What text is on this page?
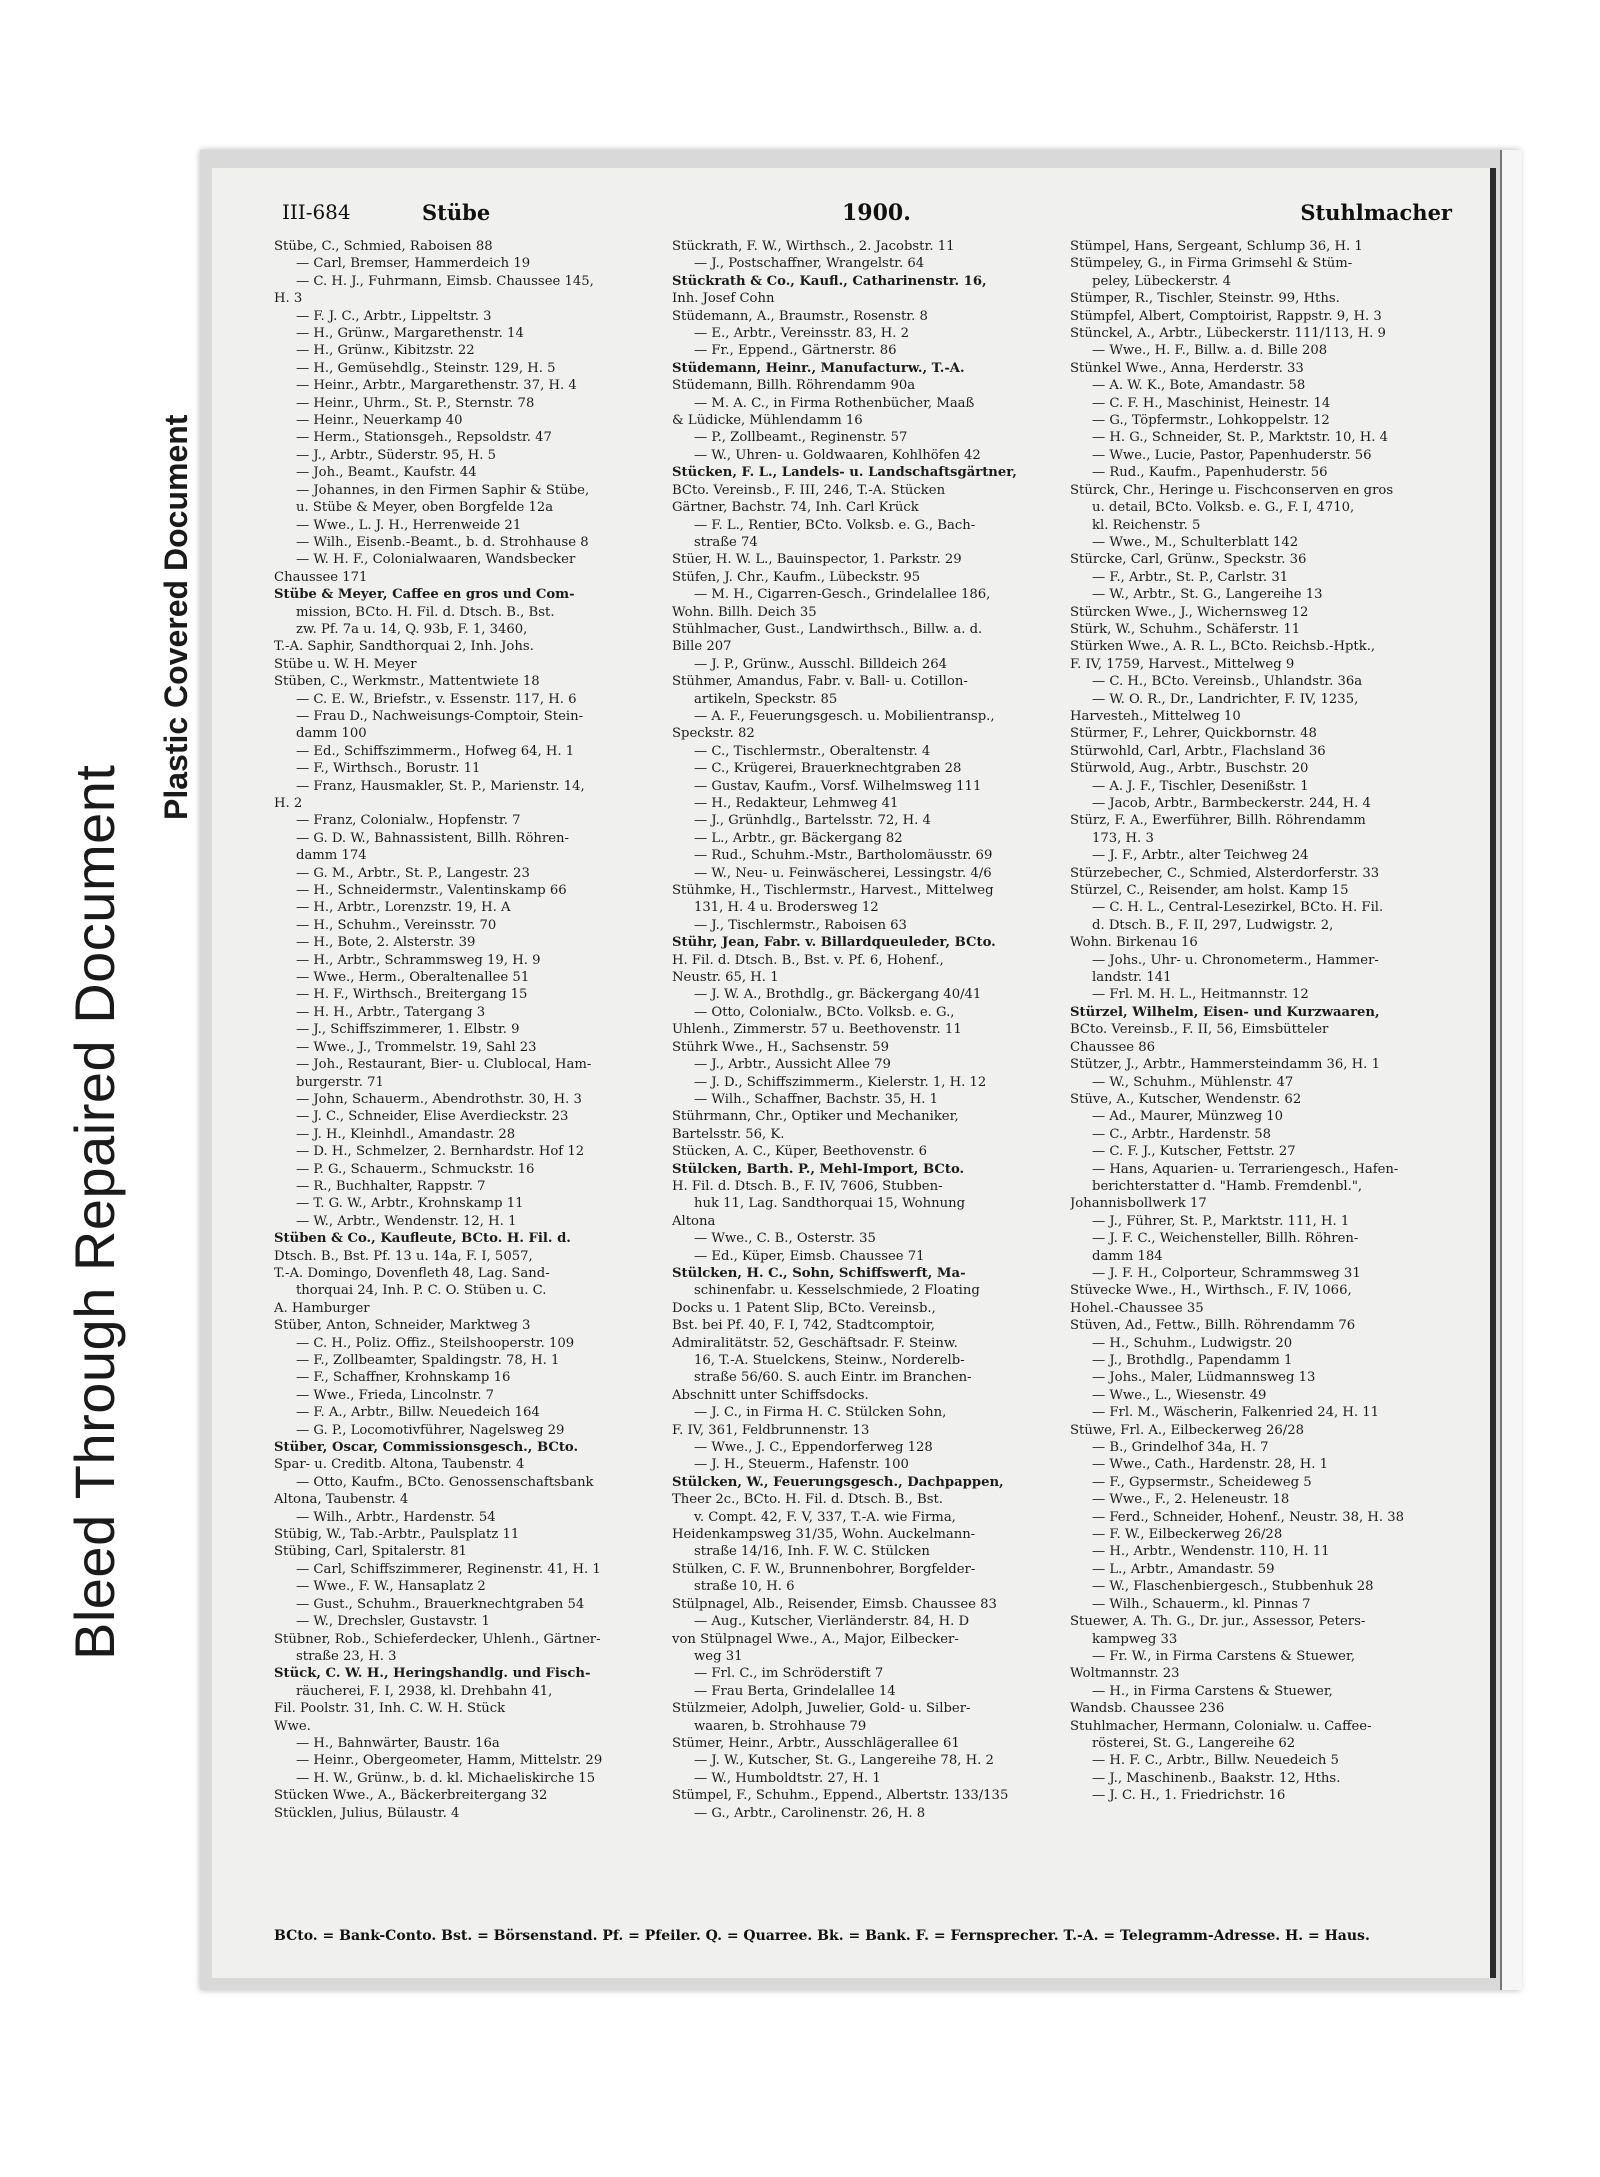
Bleed Through Repaired Document
Plastic Covered Document
III-684	Stübe	1900.	Stuhlmacher
Stübe, C., Schmied, Raboisen 88
— Carl, Bremser, Hammerdeich 19
— C. H. J., Fuhrmann, Eimsb. Chaussee 145,
H. 3
— F. J. C., Arbtr., Lippeltstr. 3
— H., Grünw., Margarethenstr. 14
— H., Grünw., Kibitzstr. 22
— H., Gemüsehdlg., Steinstr. 129, H. 5
— Heinr., Arbtr., Margarethenstr. 37, H. 4
— Heinr., Uhrm., St. P., Sternstr. 78
— Heinr., Neuerkamp 40
— Herm., Stationsgeh., Repsoldstr. 47
— J., Arbtr., Süderstr. 95, H. 5
— Joh., Beamt., Kaufstr. 44
— Johannes, in den Firmen Saphir & Stübe,
u. Stübe & Meyer, oben Borgfelde 12a
— Wwe., L. J. H., Herrenweide 21
— Wilh., Eisenb.-Beamt., b. d. Strohhause 8
— W. H. F., Colonialwaaren, Wandsbecker
Chaussee 171
Stübe & Meyer, Caffee en gros und Com-
mission, BCto. H. Fil. d. Dtsch. B., Bst.
zw. Pf. 7a u. 14, Q. 93b, F. 1, 3460,
T.-A. Saphir, Sandthorquai 2, Inh. Johs.
Stübe u. W. H. Meyer
Stüben, C., Werkmstr., Mattentwiete 18
— C. E. W., Briefstr., v. Essenstr. 117, H. 6
— Frau D., Nachweisungs-Comptoir, Stein-
damm 100
— Ed., Schiffszimmerm., Hofweg 64, H. 1
— F., Wirthsch., Borustr. 11
— Franz, Hausmakler, St. P., Marienstr. 14,
H. 2
— Franz, Colonialw., Hopfenstr. 7
— G. D. W., Bahnassistent, Billh. Röhren-
damm 174
— G. M., Arbtr., St. P., Langestr. 23
— H., Schneidermstr., Valentinskamp 66
— H., Arbtr., Lorenzstr. 19, H. A
— H., Schuhm., Vereinsstr. 70
— H., Bote, 2. Alsterstr. 39
— H., Arbtr., Schrammsweg 19, H. 9
— Wwe., Herm., Oberaltenallee 51
— H. F., Wirthsch., Breitergang 15
— H. H., Arbtr., Tatergang 3
— J., Schiffszimmerer, 1. Elbstr. 9
— Wwe., J., Trommelstr. 19, Sahl 23
— Joh., Restaurant, Bier- u. Clublocal, Ham-
burgerstr. 71
— John, Schauerm., Abendrothstr. 30, H. 3
— J. C., Schneider, Elise Averdieckstr. 23
— J. H., Kleinhdl., Amandastr. 28
— D. H., Schmelzer, 2. Bernhardstr. Hof 12
— P. G., Schauerm., Schmuckstr. 16
— R., Buchhalter, Rappstr. 7
— T. G. W., Arbtr., Krohnskamp 11
— W., Arbtr., Wendenstr. 12, H. 1
Stüben & Co., Kaufleute, BCto. H. Fil. d.
Dtsch. B., Bst. Pf. 13 u. 14a, F. I, 5057,
T.-A. Domingo, Dovenfleth 48, Lag. Sand-
thorquai 24, Inh. P. C. O. Stüben u. C.
A. Hamburger
Stüber, Anton, Schneider, Marktweg 3
— C. H., Poliz. Offiz., Steilshooperstr. 109
— F., Zollbeamter, Spaldingstr. 78, H. 1
— F., Schaffner, Krohnskamp 16
— Wwe., Frieda, Lincolnstr. 7
— F. A., Arbtr., Billw. Neuedeich 164
— G. P., Locomotivführer, Nagelsweg 29
Stüber, Oscar, Commissionsgesch., BCto.
Spar- u. Creditb. Altona, Taubenstr. 4
— Otto, Kaufm., BCto. Genossenschaftsbank
Altona, Taubenstr. 4
— Wilh., Arbtr., Hardenstr. 54
Stübig, W., Tab.-Arbtr., Paulsplatz 11
Stübing, Carl, Spitalerstr. 81
— Carl, Schiffszimmerer, Reginenstr. 41, H. 1
— Wwe., F. W., Hansaplatz 2
— Gust., Schuhm., Brauerknechtgraben 54
— W., Drechsler, Gustavstr. 1
Stübner, Rob., Schieferdecker, Uhlenh., Gärtner-
straße 23, H. 3
Stück, C. W. H., Heringshandlg. und Fisch-
räucherei, F. I, 2938, kl. Drehbahn 41,
Fil. Poolstr. 31, Inh. C. W. H. Stück
Wwe.
— H., Bahnwärter, Baustr. 16a
— Heinr., Obergeometer, Hamm, Mittelstr. 29
— H. W., Grünw., b. d. kl. Michaeliskirche 15
Stücken Wwe., A., Bäckerbreitergang 32
Stücklen, Julius, Bülaustr. 4
Stückrath, F. W., Wirthsch., 2. Jacobstr. 11
— J., Postschaffner, Wrangelstr. 64
Stückrath & Co., Kaufl., Catharinenstr. 16,
Inh. Josef Cohn
Stüdemann, A., Braumstr., Rosenstr. 8
— E., Arbtr., Vereinsstr. 83, H. 2
— Fr., Eppend., Gärtnerstr. 86
Stüdemann, Heinr., Manufacturw., T.-A.
Stüdemann, Billh. Röhrendamm 90a
— M. A. C., in Firma Rothenbücher, Maaß
& Lüdicke, Mühlendamm 16
— P., Zollbeamt., Reginenstr. 57
— W., Uhren- u. Goldwaaren, Kohlhöfen 42
Stücken, F. L., Landels- u. Landschaftsgärtner,
BCto. Vereinsb., F. III, 246, T.-A. Stücken
Gärtner, Bachstr. 74, Inh. Carl Krück
— F. L., Rentier, BCto. Volksb. e. G., Bach-
straße 74
Stüer, H. W. L., Bauinspector, 1. Parkstr. 29
Stüfen, J. Chr., Kaufm., Lübeckstr. 95
— M. H., Cigarren-Gesch., Grindelallee 186,
Wohn. Billh. Deich 35
Stühlmacher, Gust., Landwirthsch., Billw. a. d.
Bille 207
— J. P., Grünw., Ausschl. Billdeich 264
Stühmer, Amandus, Fabr. v. Ball- u. Cotillon-
artikeln, Speckstr. 85
— A. F., Feuerungsgesch. u. Mobilientransp.,
Speckstr. 82
— C., Tischlermstr., Oberaltenstr. 4
— C., Krügerei, Brauerknechtgraben 28
— Gustav, Kaufm., Vorsf. Wilhelmsweg 111
— H., Redakteur, Lehmweg 41
— J., Grünhdlg., Bartelsstr. 72, H. 4
— L., Arbtr., gr. Bäckergang 82
— Rud., Schuhm.-Mstr., Bartholomäusstr. 69
— W., Neu- u. Feinwäscherei, Lessingstr. 4/6
Stühmke, H., Tischlermstr., Harvest., Mittelweg
131, H. 4 u. Brodersweg 12
— J., Tischlermstr., Raboisen 63
Stühr, Jean, Fabr. v. Billardqueuleder, BCto.
H. Fil. d. Dtsch. B., Bst. v. Pf. 6, Hohenf.,
Neustr. 65, H. 1
— J. W. A., Brothdlg., gr. Bäckergang 40/41
— Otto, Colonialw., BCto. Volksb. e. G.,
Uhlenh., Zimmerstr. 57 u. Beethovenstr. 11
Stührk Wwe., H., Sachsenstr. 59
— J., Arbtr., Aussicht Allee 79
— J. D., Schiffszimmerm., Kielerstr. 1, H. 12
— Wilh., Schaffner, Bachstr. 35, H. 1
Stührmann, Chr., Optiker und Mechaniker,
Bartelsstr. 56, K.
Stücken, A. C., Küper, Beethovenstr. 6
Stülcken, Barth. P., Mehl-Import, BCto.
H. Fil. d. Dtsch. B., F. IV, 7606, Stubben-
huk 11, Lag. Sandthorquai 15, Wohnung
Altona
— Wwe., C. B., Osterstr. 35
— Ed., Küper, Eimsb. Chaussee 71
Stülcken, H. C., Sohn, Schiffswerft, Ma-
schinenfabr. u. Kesselschmiede, 2 Floating
Docks u. 1 Patent Slip, BCto. Vereinsb.,
Bst. bei Pf. 40, F. I, 742, Stadtcomptoir,
Admiralitätstr. 52, Geschäftsadr. F. Steinw.
16, T.-A. Stuelckens, Steinw., Norderelb-
straße 56/60. S. auch Eintr. im Branchen-
Abschnitt unter Schiffsdocks.
— J. C., in Firma H. C. Stülcken Sohn,
F. IV, 361, Feldbrunnenstr. 13
— Wwe., J. C., Eppendorferweg 128
— J. H., Steuerm., Hafenstr. 100
Stülcken, W., Feuerungsgesch., Dachpappen,
Theer 2c., BCto. H. Fil. d. Dtsch. B., Bst.
v. Compt. 42, F. V, 337, T.-A. wie Firma,
Heidenkampsweg 31/35, Wohn. Auckelmann-
straße 14/16, Inh. F. W. C. Stülcken
Stülken, C. F. W., Brunnenbohrer, Borgfelder-
straße 10, H. 6
Stülpnagel, Alb., Reisender, Eimsb. Chaussee 83
— Aug., Kutscher, Vierländerstr. 84, H. D
von Stülpnagel Wwe., A., Major, Eilbecker-
weg 31
— Frl. C., im Schröderstift 7
— Frau Berta, Grindelallee 14
Stülzmeier, Adolph, Juwelier, Gold- u. Silber-
waaren, b. Strohhause 79
Stümer, Heinr., Arbtr., Ausschlägerallee 61
— J. W., Kutscher, St. G., Langereihe 78, H. 2
— W., Humboldtstr. 27, H. 1
Stümpel, F., Schuhm., Eppend., Albertstr. 133/135
— G., Arbtr., Carolinenstr. 26, H. 8
Stümpel, Hans, Sergeant, Schlump 36, H. 1
Stümpeley, G., in Firma Grimsehl & Stüm-
peley, Lübeckerstr. 4
Stümper, R., Tischler, Steinstr. 99, Hths.
Stümpfel, Albert, Comptoirist, Rappstr. 9, H. 3
Stünckel, A., Arbtr., Lübeckerstr. 111/113, H. 9
— Wwe., H. F., Billw. a. d. Bille 208
Stünkel Wwe., Anna, Herderstr. 33
— A. W. K., Bote, Amandastr. 58
— C. F. H., Maschinist, Heinestr. 14
— G., Töpfermstr., Lohkoppelstr. 12
— H. G., Schneider, St. P., Marktstr. 10, H. 4
— Wwe., Lucie, Pastor, Papenhuderstr. 56
— Rud., Kaufm., Papenhuderstr. 56
Stürck, Chr., Heringe u. Fischconserven en gros
u. detail, BCto. Volksb. e. G., F. I, 4710,
kl. Reichenstr. 5
— Wwe., M., Schulterblatt 142
Stürcke, Carl, Grünw., Speckstr. 36
— F., Arbtr., St. P., Carlstr. 31
— W., Arbtr., St. G., Langereihe 13
Stürcken Wwe., J., Wichernsweg 12
Stürk, W., Schuhm., Schäferstr. 11
Stürken Wwe., A. R. L., BCto. Reichsb.-Hptk.,
F. IV, 1759, Harvest., Mittelweg 9
— C. H., BCto. Vereinsb., Uhlandstr. 36a
— W. O. R., Dr., Landrichter, F. IV, 1235,
Harvesteh., Mittelweg 10
Stürmer, F., Lehrer, Quickbornstr. 48
Stürwohld, Carl, Arbtr., Flachsland 36
Stürwold, Aug., Arbtr., Buschstr. 20
— A. J. F., Tischler, Desenißstr. 1
— Jacob, Arbtr., Barmbeckerstr. 244, H. 4
Stürz, F. A., Ewerführer, Billh. Röhrendamm
173, H. 3
— J. F., Arbtr., alter Teichweg 24
Stürzebecher, C., Schmied, Alsterdorferstr. 33
Stürzel, C., Reisender, am holst. Kamp 15
— C. H. L., Central-Lesezirkel, BCto. H. Fil.
d. Dtsch. B., F. II, 297, Ludwigstr. 2,
Wohn. Birkenau 16
— Johs., Uhr- u. Chronometerm., Hammer-
landstr. 141
— Frl. M. H. L., Heitmannstr. 12
Stürzel, Wilhelm, Eisen- und Kurzwaaren,
BCto. Vereinsb., F. II, 56, Eimsbütteler
Chaussee 86
Stützer, J., Arbtr., Hammersteindamm 36, H. 1
— W., Schuhm., Mühlenstr. 47
Stüve, A., Kutscher, Wendenstr. 62
— Ad., Maurer, Münzweg 10
— C., Arbtr., Hardenstr. 58
— C. F. J., Kutscher, Fettstr. 27
— Hans, Aquarien- u. Terrariengesch., Hafen-
berichterstatter d. "Hamb. Fremdenbl.",
Johannisbollwerk 17
— J., Führer, St. P., Marktstr. 111, H. 1
— J. F. C., Weichensteller, Billh. Röhren-
damm 184
— J. F. H., Colporteur, Schrammsweg 31
Stüvecke Wwe., H., Wirthsch., F. IV, 1066,
Hohel.-Chaussee 35
Stüven, Ad., Fettw., Billh. Röhrendamm 76
— H., Schuhm., Ludwigstr. 20
— J., Brothdlg., Papendamm 1
— Johs., Maler, Lüdmannsweg 13
— Wwe., L., Wiesenstr. 49
— Frl. M., Wäscherin, Falkenried 24, H. 11
Stüwe, Frl. A., Eilbeckerweg 26/28
— B., Grindelhof 34a, H. 7
— Wwe., Cath., Hardenstr. 28, H. 1
— F., Gypsermstr., Scheideweg 5
— Wwe., F., 2. Heleneustr. 18
— Ferd., Schneider, Hohenf., Neustr. 38, H. 38
— F. W., Eilbeckerweg 26/28
— H., Arbtr., Wendenstr. 110, H. 11
— L., Arbtr., Amandastr. 59
— W., Flaschenbiergesch., Stubbenhuk 28
— Wilh., Schauerm., kl. Pinnas 7
Stuewer, A. Th. G., Dr. jur., Assessor, Peters-
kampweg 33
— Fr. W., in Firma Carstens & Stuewer,
Woltmannstr. 23
— H., in Firma Carstens & Stuewer,
Wandsb. Chaussee 236
Stuhlmacher, Hermann, Colonialw. u. Caffee-
rösterei, St. G., Langereihe 62
— H. F. C., Arbtr., Billw. Neuedeich 5
— J., Maschinenb., Baakstr. 12, Hths.
— J. C. H., 1. Friedrichstr. 16
BCto. = Bank-Conto. Bst. = Börsenstand. Pf. = Pfeiler. Q. = Quarree. Bk. = Bank. F. = Fernsprecher. T.-A. = Telegramm-Adresse. H. = Haus.
